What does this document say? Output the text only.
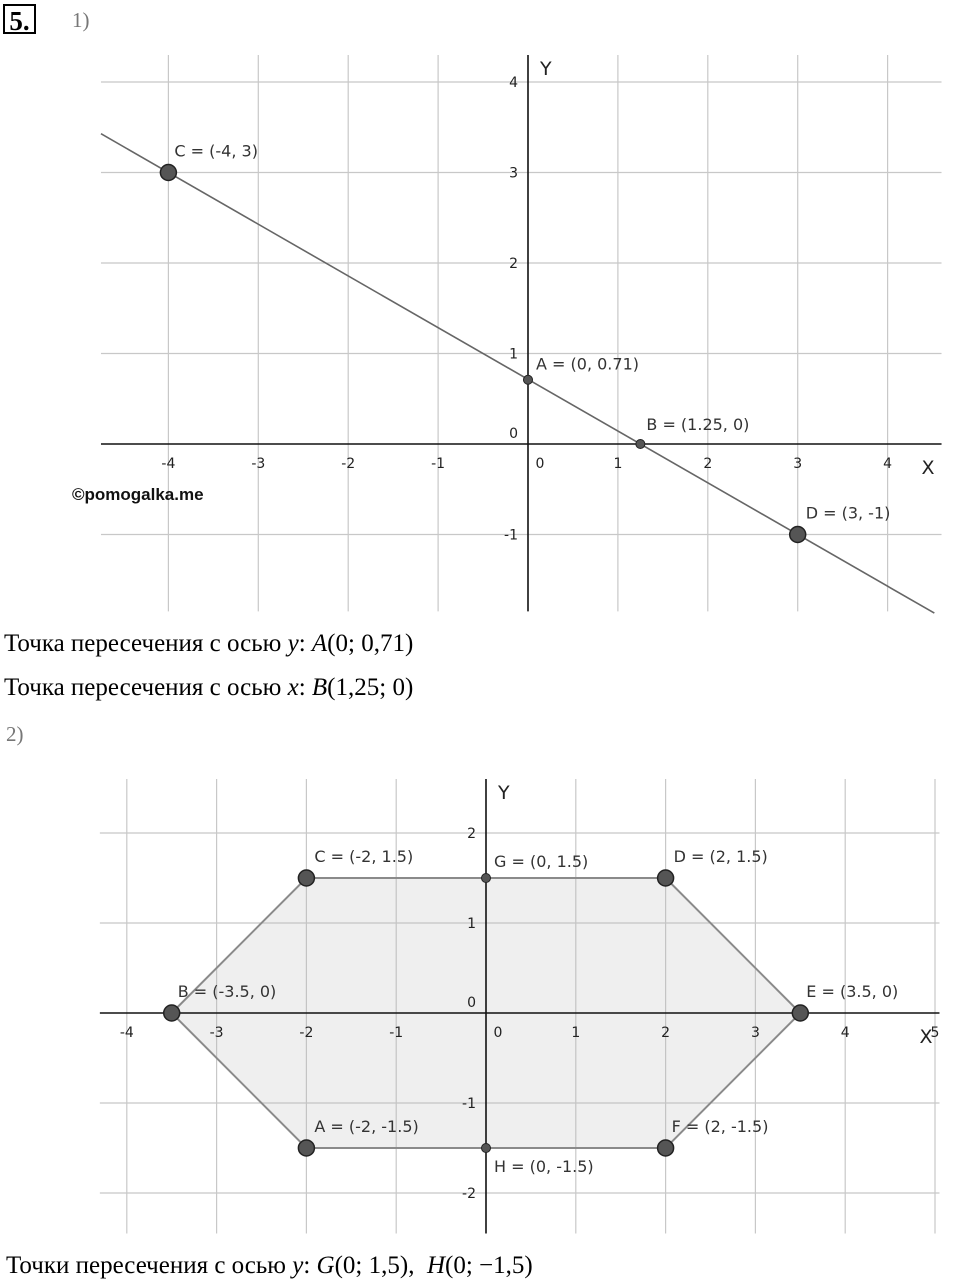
5.	1)
-4	-3	-2	-1	0	1	2	3	4
-1
1
2
3
4
0
X
Y
C = (-4, 3)
A = (0, 0.71)
B = (1.25, 0)
D = (3, -1)
©pomogalka.me
Точка пересечения с осью y: A(0; 0,71)
Точка пересечения с осью x: B(1,25; 0)
2)
-4	-3	-2	-1	0	1	2	3	4	5
-2
-1
1
2
0
X
Y
C = (-2, 1.5)	G = (0, 1.5)	D = (2, 1.5)
B = (-3.5, 0)	E = (3.5, 0)
A = (-2, -1.5)
H = (0, -1.5)
F = (2, -1.5)
Точки пересечения с осью y: G(0; 1,5),  H(0; −1,5)
